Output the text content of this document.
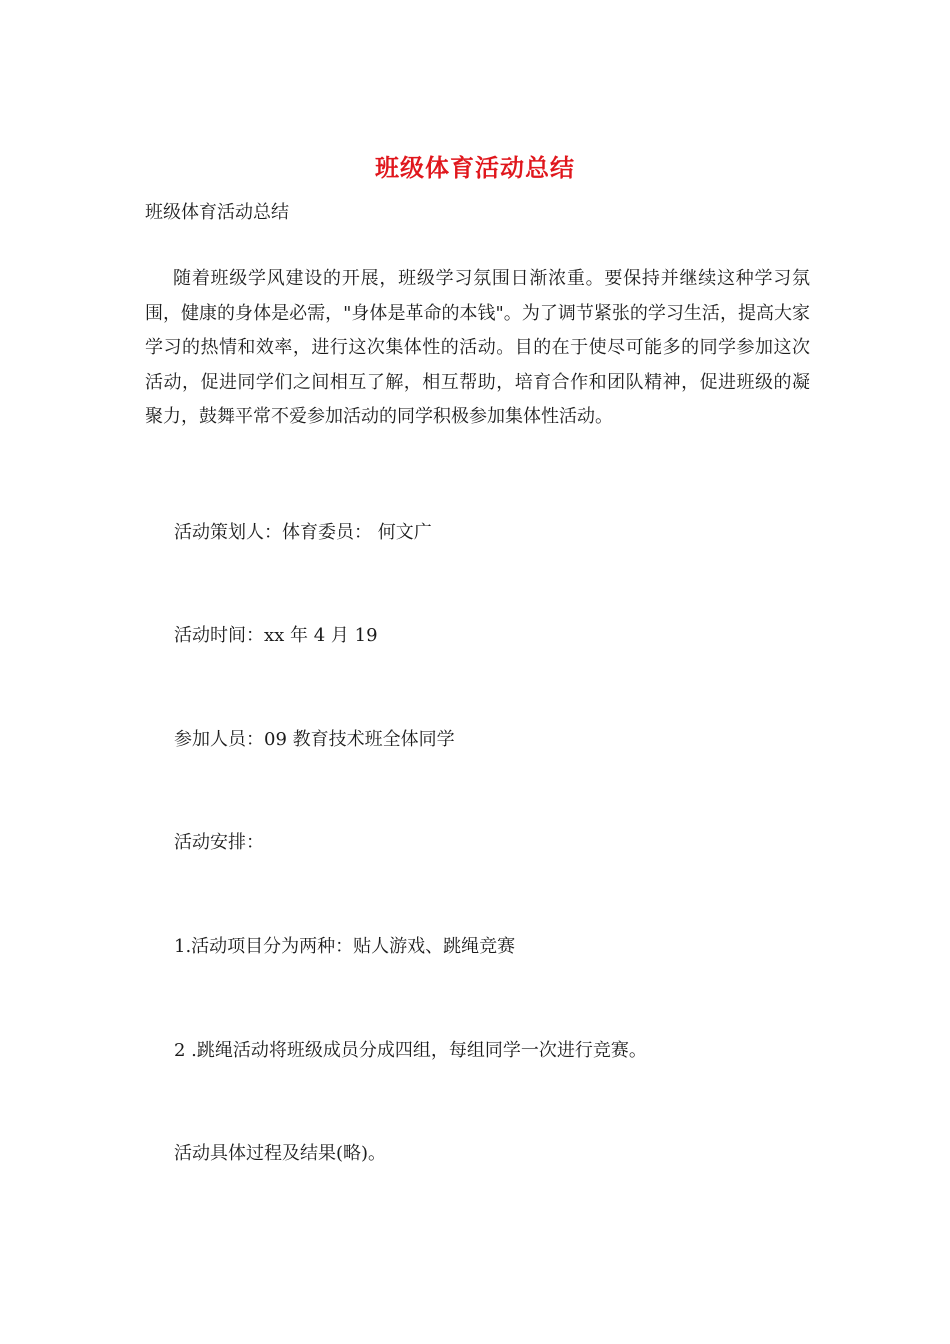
班级体育活动总结
班级体育活动总结
随着班级学风建设的开展，班级学习氛围日渐浓重。要保持并继续这种学习氛围，健康的身体是必需，"身体是革命的本钱"。为了调节紧张的学习生活，提高大家学习的热情和效率，进行这次集体性的活动。目的在于使尽可能多的同学参加这次活动，促进同学们之间相互了解，相互帮助，培育合作和团队精神，促进班级的凝聚力，鼓舞平常不爱参加活动的同学积极参加集体性活动。
活动策划人：体育委员： 何文广
活动时间：xx 年 4 月 19
参加人员：09 教育技术班全体同学
活动安排：
1.活动项目分为两种：贴人游戏、跳绳竞赛
2 .跳绳活动将班级成员分成四组，每组同学一次进行竞赛。
活动具体过程及结果(略)。
